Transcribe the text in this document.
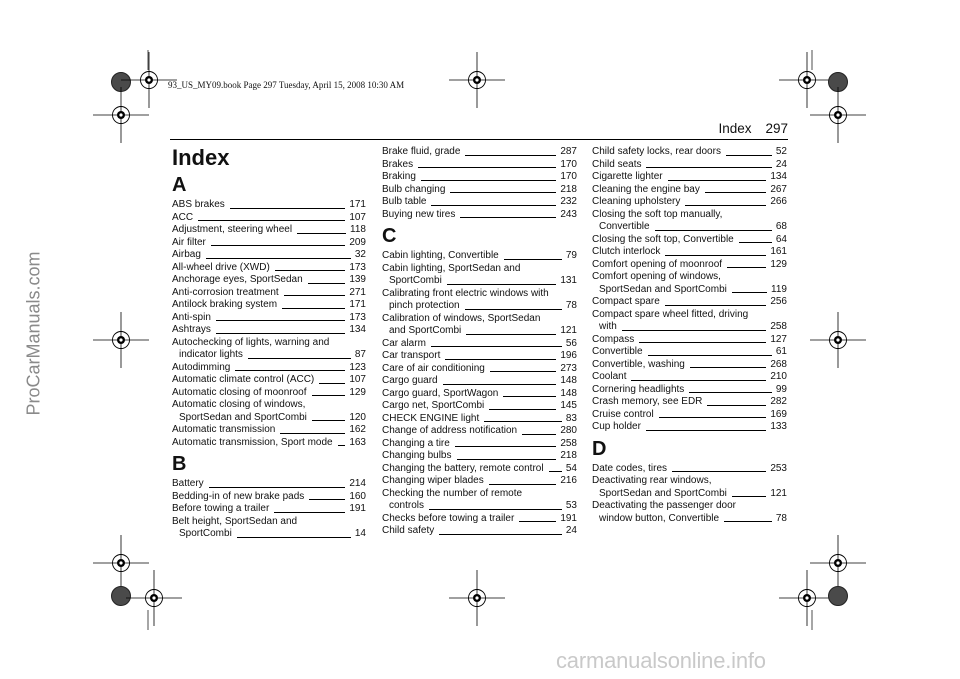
93_US_MY09.book Page 297 Tuesday, April 15, 2008 10:30 AM
ProCarManuals.com
carmanualsonline.info
Index 297
Index
A
ABS brakes	171
ACC	107
Adjustment, steering wheel	118
Air filter	209
Airbag	32
All-wheel drive (XWD)	173
Anchorage eyes, SportSedan	139
Anti-corrosion treatment	271
Antilock braking system	171
Anti-spin	173
Ashtrays	134
Autochecking of lights, warning and
indicator lights	87
Autodimming	123
Automatic climate control (ACC)	107
Automatic closing of moonroof	129
Automatic closing of windows,
SportSedan and SportCombi	120
Automatic transmission	162
Automatic transmission, Sport mode 163
B
Battery	214
Bedding-in of new brake pads	160
Before towing a trailer	191
Belt height, SportSedan and
SportCombi	14
Brake fluid, grade	287
Brakes	170
Braking	170
Bulb changing	218
Bulb table	232
Buying new tires	243
C
Cabin lighting, Convertible	79
Cabin lighting, SportSedan and
SportCombi	131
Calibrating front electric windows with
pinch protection	78
Calibration of windows, SportSedan
and SportCombi	121
Car alarm	56
Car transport	196
Care of air conditioning	273
Cargo guard	148
Cargo guard, SportWagon	148
Cargo net, SportCombi	145
CHECK ENGINE light	83
Change of address notification	280
Changing a tire	258
Changing bulbs	218
Changing the battery, remote control 54
Changing wiper blades	216
Checking the number of remote
controls	53
Checks before towing a trailer	191
Child safety	24
Child safety locks, rear doors	52
Child seats	24
Cigarette lighter	134
Cleaning the engine bay	267
Cleaning upholstery	266
Closing the soft top manually,
Convertible	68
Closing the soft top, Convertible	64
Clutch interlock	161
Comfort opening of moonroof	129
Comfort opening of windows,
SportSedan and SportCombi	119
Compact spare	256
Compact spare wheel fitted, driving
with	258
Compass	127
Convertible	61
Convertible, washing	268
Coolant	210
Cornering headlights	99
Crash memory, see EDR	282
Cruise control	169
Cup holder	133
D
Date codes, tires	253
Deactivating rear windows,
SportSedan and SportCombi	121
Deactivating the passenger door
window button, Convertible	78
